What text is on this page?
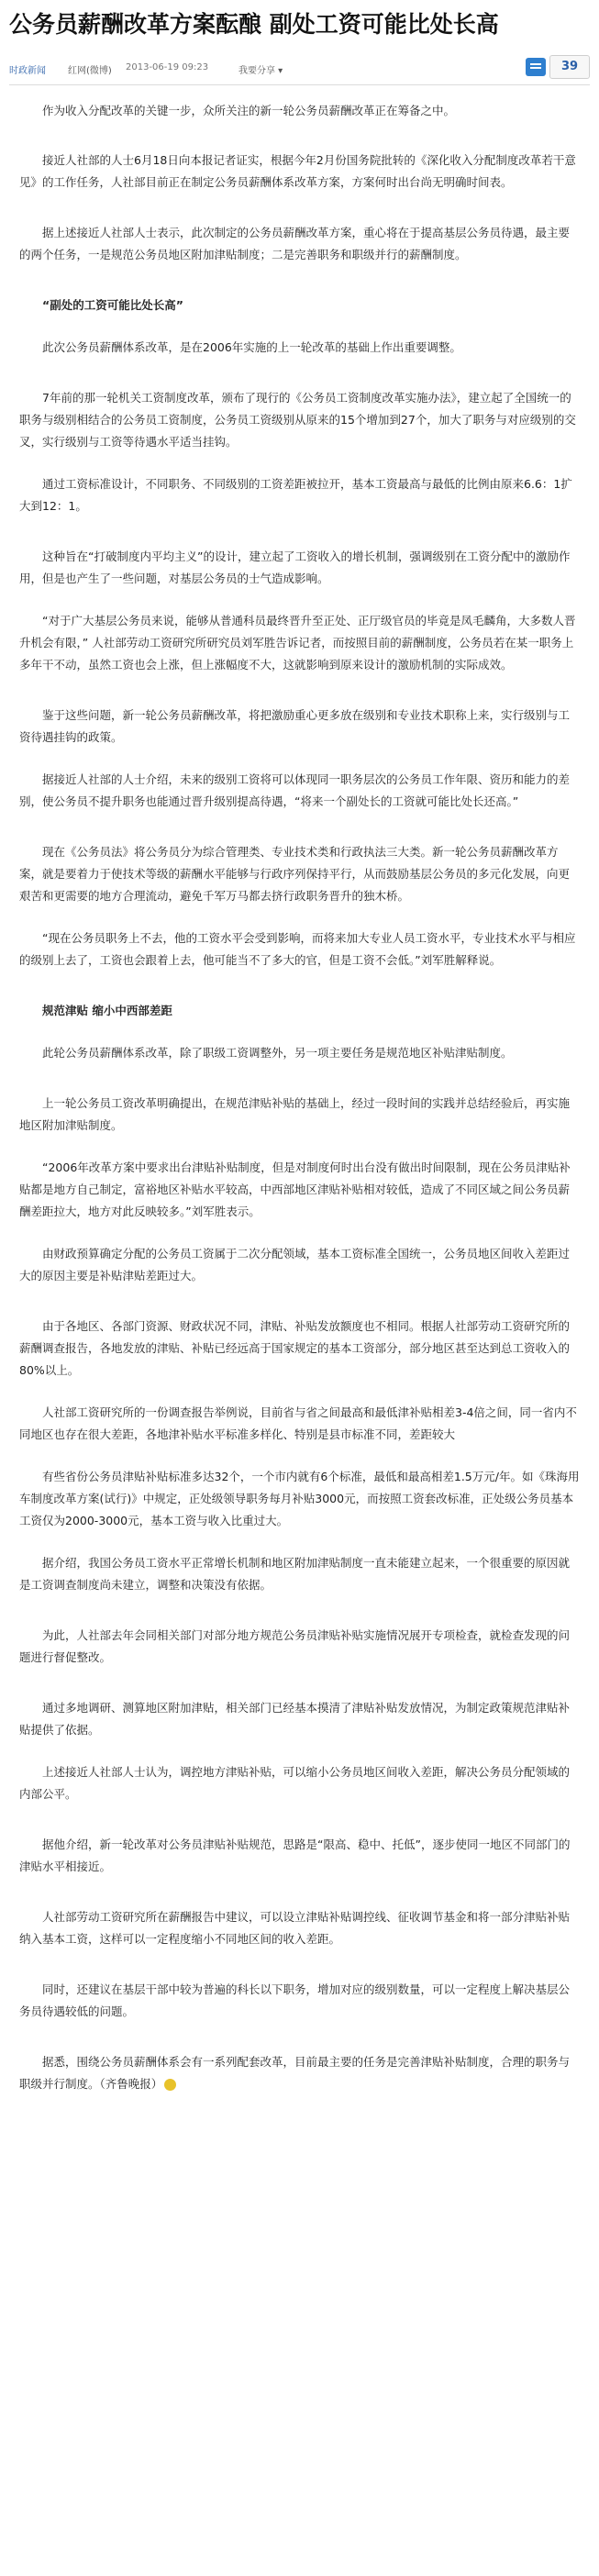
公务员薪酬改革方案酝酿 副处工资可能比处长高
时政新闻 红网(微博) 2013-06-19 09:23	我要分享 ▾	39

作为收入分配改革的关键一步，众所关注的新一轮公务员薪酬改革正在筹备之中。

接近人社部的人士6月18日向本报记者证实，根据今年2月份国务院批转的《深化收入分配制度改革若干意见》的工作任务，人社部目前正在制定公务员薪酬体系改革方案，方案何时出台尚无明确时间表。

据上述接近人社部人士表示，此次制定的公务员薪酬改革方案，重心将在于提高基层公务员待遇，最主要的两个任务，一是规范公务员地区附加津贴制度；二是完善职务和职级并行的薪酬制度。

“副处的工资可能比处长高”

此次公务员薪酬体系改革，是在2006年实施的上一轮改革的基础上作出重要调整。

7年前的那一轮机关工资制度改革，颁布了现行的《公务员工资制度改革实施办法》，建立起了全国统一的职务与级别相结合的公务员工资制度，公务员工资级别从原来的15个增加到27个，加大了职务与对应级别的交叉，实行级别与工资等待遇水平适当挂钩。

通过工资标准设计，不同职务、不同级别的工资差距被拉开，基本工资最高与最低的比例由原来6.6：1扩大到12：1。

这种旨在“打破制度内平均主义”的设计，建立起了工资收入的增长机制，强调级别在工资分配中的激励作用，但是也产生了一些问题，对基层公务员的士气造成影响。

“对于广大基层公务员来说，能够从普通科员最终晋升至正处、正厅级官员的毕竟是凤毛麟角，大多数人晋升机会有限，” 人社部劳动工资研究所研究员刘军胜告诉记者，而按照目前的薪酬制度，公务员若在某一职务上多年干不动，虽然工资也会上涨，但上涨幅度不大，这就影响到原来设计的激励机制的实际成效。

鉴于这些问题，新一轮公务员薪酬改革，将把激励重心更多放在级别和专业技术职称上来，实行级别与工资待遇挂钩的政策。

据接近人社部的人士介绍，未来的级别工资将可以体现同一职务层次的公务员工作年限、资历和能力的差别，使公务员不提升职务也能通过晋升级别提高待遇，“将来一个副处长的工资就可能比处长还高。”

现在《公务员法》将公务员分为综合管理类、专业技术类和行政执法三大类。新一轮公务员薪酬改革方案，就是要着力于使技术等级的薪酬水平能够与行政序列保持平行，从而鼓励基层公务员的多元化发展，向更艰苦和更需要的地方合理流动，避免千军万马都去挤行政职务晋升的独木桥。

“现在公务员职务上不去，他的工资水平会受到影响，而将来加大专业人员工资水平，专业技术水平与相应的级别上去了，工资也会跟着上去，他可能当不了多大的官，但是工资不会低。”刘军胜解释说。

规范津贴 缩小中西部差距

此轮公务员薪酬体系改革，除了职级工资调整外，另一项主要任务是规范地区补贴津贴制度。

上一轮公务员工资改革明确提出，在规范津贴补贴的基础上，经过一段时间的实践并总结经验后，再实施地区附加津贴制度。

“2006年改革方案中要求出台津贴补贴制度，但是对制度何时出台没有做出时间限制，现在公务员津贴补贴都是地方自己制定，富裕地区补贴水平较高，中西部地区津贴补贴相对较低，造成了不同区域之间公务员薪酬差距拉大，地方对此反映较多。”刘军胜表示。

由财政预算确定分配的公务员工资属于二次分配领域，基本工资标准全国统一，公务员地区间收入差距过大的原因主要是补贴津贴差距过大。

由于各地区、各部门资源、财政状况不同，津贴、补贴发放额度也不相同。根据人社部劳动工资研究所的薪酬调查报告，各地发放的津贴、补贴已经远高于国家规定的基本工资部分，部分地区甚至达到总工资收入的80%以上。

人社部工资研究所的一份调查报告举例说，目前省与省之间最高和最低津补贴相差3-4倍之间，同一省内不同地区也存在很大差距，各地津补贴水平标准多样化、特别是县市标准不同，差距较大

有些省份公务员津贴补贴标准多达32个，一个市内就有6个标准，最低和最高相差1.5万元/年。如《珠海用车制度改革方案(试行)》中规定，正处级领导职务每月补贴3000元，而按照工资套改标准，正处级公务员基本工资仅为2000-3000元，基本工资与收入比重过大。

据介绍，我国公务员工资水平正常增长机制和地区附加津贴制度一直未能建立起来，一个很重要的原因就是工资调查制度尚未建立，调整和决策没有依据。

为此，人社部去年会同相关部门对部分地方规范公务员津贴补贴实施情况展开专项检查，就检查发现的问题进行督促整改。

通过多地调研、测算地区附加津贴，相关部门已经基本摸清了津贴补贴发放情况，为制定政策规范津贴补贴提供了依据。

上述接近人社部人士认为，调控地方津贴补贴，可以缩小公务员地区间收入差距，解决公务员分配领域的内部公平。

据他介绍，新一轮改革对公务员津贴补贴规范，思路是“限高、稳中、托低”，逐步使同一地区不同部门的津贴水平相接近。

人社部劳动工资研究所在薪酬报告中建议，可以设立津贴补贴调控线、征收调节基金和将一部分津贴补贴纳入基本工资，这样可以一定程度缩小不同地区间的收入差距。

同时，还建议在基层干部中较为普遍的科长以下职务，增加对应的级别数量，可以一定程度上解决基层公务员待遇较低的问题。

据悉，围绕公务员薪酬体系会有一系列配套改革，目前最主要的任务是完善津贴补贴制度，合理的职务与职级并行制度。（齐鲁晚报）
